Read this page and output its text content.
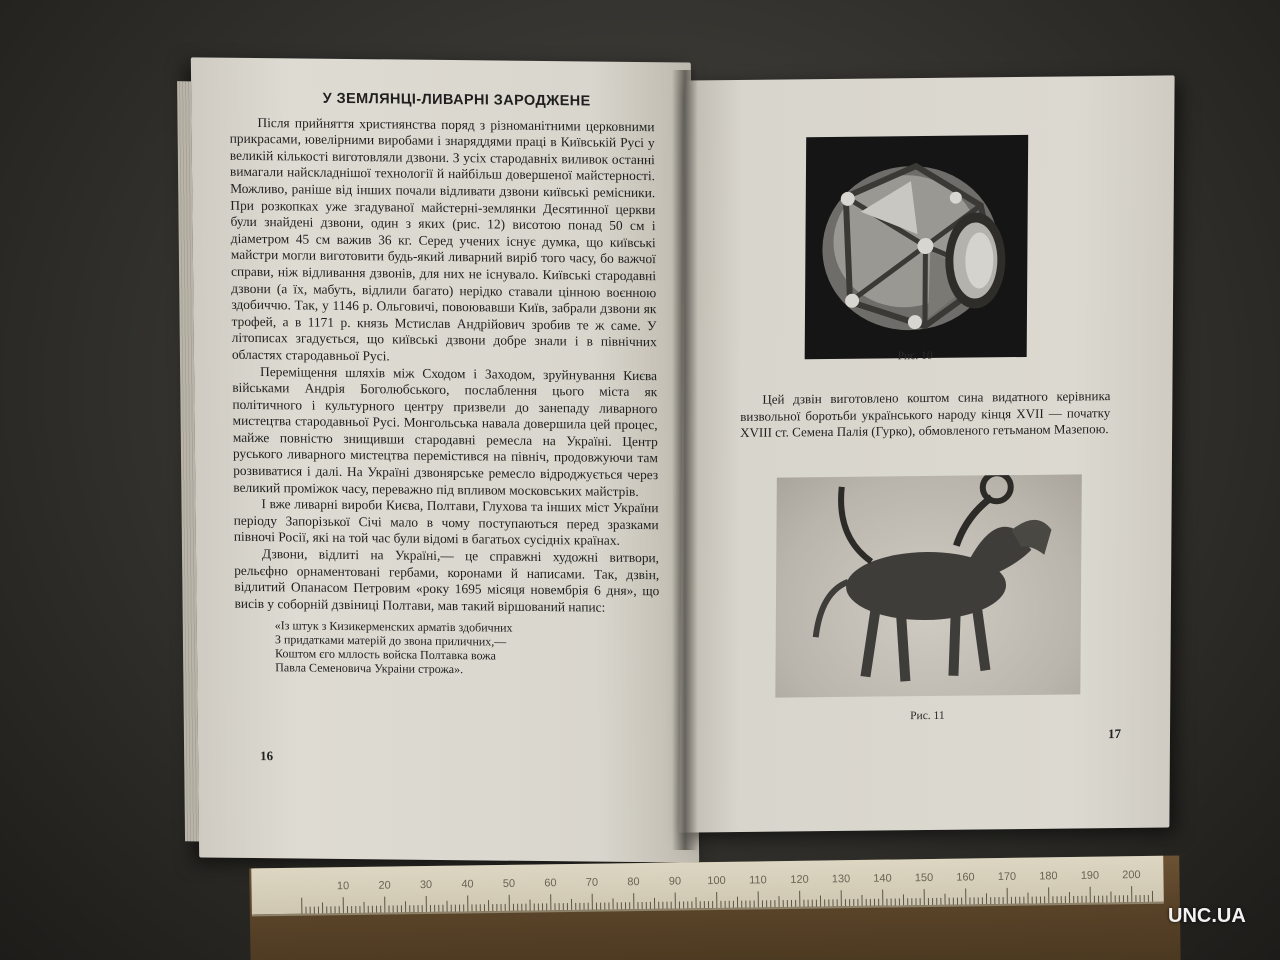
У ЗЕМЛЯНЦІ-ЛИВАРНІ ЗАРОДЖЕНЕ

Після прийняття християнства поряд з різноманітними церковними прикрасами, ювелірними виробами і знаряддями праці в Київській Русі у великій кількості виготовляли дзвони. З усіх стародавніх виливок останні вимагали найскладнішої технології й найбільш довершеної майстерності. Можливо, раніше від інших почали відливати дзвони київські ремісники. При розкопках уже згадуваної майстерні-землянки Десятинної церкви були знайдені дзвони, один з яких (рис. 12) висотою понад 50 см і діаметром 45 см важив 36 кг. Серед учених існує думка, що київські майстри могли виготовити будь-який ливарний виріб того часу, бо важчої справи, ніж відливання дзвонів, для них не існувало. Київські стародавні дзвони (а їх, мабуть, відлили багато) нерідко ставали цінною воєнною здобиччю. Так, у 1146 р. Ольговичі, повоювавши Київ, забрали дзвони як трофей, а в 1171 р. князь Мстислав Андрійович зробив те ж саме. У літописах згадується, що київські дзвони добре знали і в північних областях стародавньої Русі.

Переміщення шляхів між Сходом і Заходом, зруйнування Києва військами Андрія Боголюбського, послаблення цього міста як політичного і культурного центру призвели до занепаду ливарного мистецтва стародавньої Русі. Монгольська навала довершила цей процес, майже повністю знищивши стародавні ремесла на Україні. Центр руського ливарного мистецтва перемістився на північ, продовжуючи там розвиватися і далі. На Україні дзвонярське ремесло відроджується через великий проміжок часу, переважно під впливом московських майстрів.

І вже ливарні вироби Києва, Полтави, Глухова та інших міст України періоду Запорізької Січі мало в чому поступаються перед зразками півночі Росії, які на той час були відомі в багатьох сусідніх країнах.

Дзвони, відлиті на Україні,— це справжні художні витвори, рельєфно орнаментовані гербами, коронами й написами. Так, дзвін, відлитий Опанасом Петровим «року 1695 місяця новембрія 6 дня», що висів у соборній дзвіниці Полтави, мав такий віршований напис:

«Із штук з Кизикерменских арматів здобичних
З придатками матерій до звона приличних,—
Коштом єго мллость войска Полтавка вожа
Павла Семеновича Украіни строжа».
16
Рис. 10

Цей дзвін виготовлено коштом сина видатного керівника визвольної боротьби українського народу кінця XVII — початку XVIII ст. Семена Палія (Гурко), обмовленого гетьманом Мазепою.

Рис. 11
17
10	20	30	40	50	60	70	80	90 100 110 120 130 140 150 160 170 180 190 200
UNC.UA
